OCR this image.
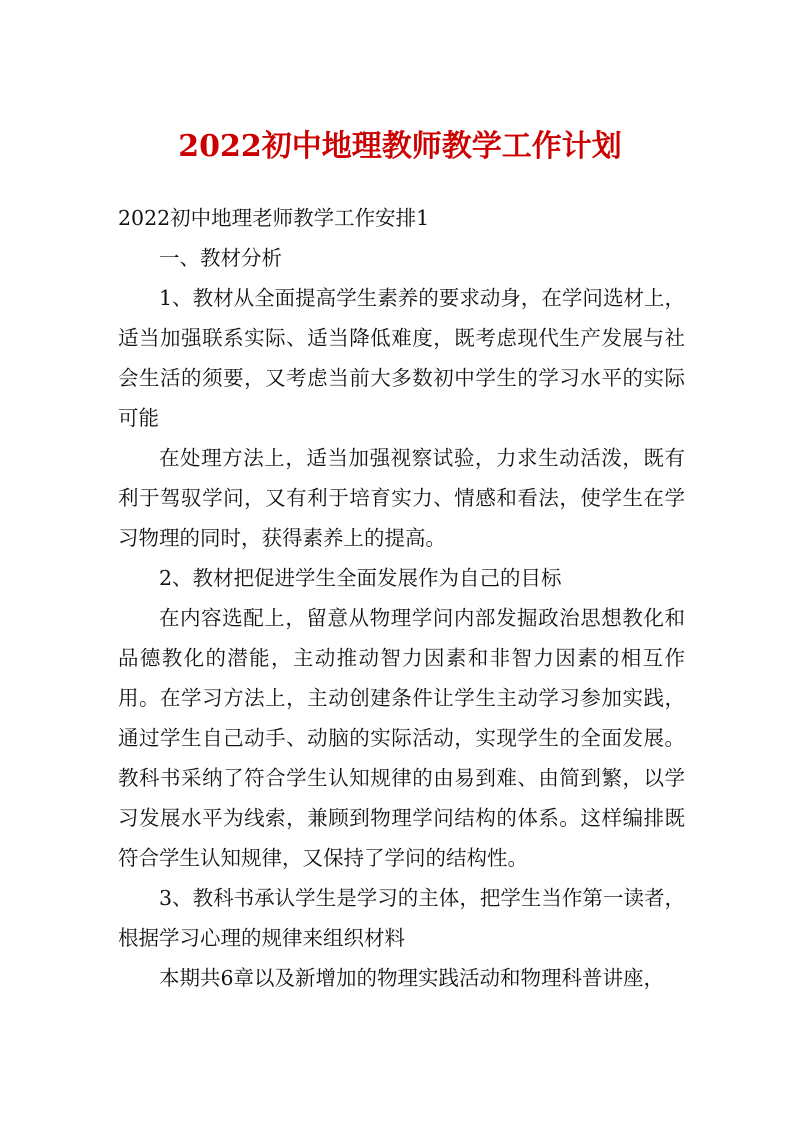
2022初中地理教师教学工作计划

2022初中地理老师教学工作安排1

一、教材分析

1、教材从全面提高学生素养的要求动身，在学问选材上，适当加强联系实际、适当降低难度，既考虑现代生产发展与社会生活的须要，又考虑当前大多数初中学生的学习水平的实际可能

在处理方法上，适当加强视察试验，力求生动活泼，既有利于驾驭学问，又有利于培育实力、情感和看法，使学生在学习物理的同时，获得素养上的提高。

2、教材把促进学生全面发展作为自己的目标

在内容选配上，留意从物理学问内部发掘政治思想教化和品德教化的潜能，主动推动智力因素和非智力因素的相互作用。在学习方法上，主动创建条件让学生主动学习参加实践，通过学生自己动手、动脑的实际活动，实现学生的全面发展。教科书采纳了符合学生认知规律的由易到难、由简到繁，以学习发展水平为线索，兼顾到物理学问结构的体系。这样编排既符合学生认知规律，又保持了学问的结构性。

3、教科书承认学生是学习的主体，把学生当作第一读者，根据学习心理的规律来组织材料

本期共6章以及新增加的物理实践活动和物理科普讲座，
